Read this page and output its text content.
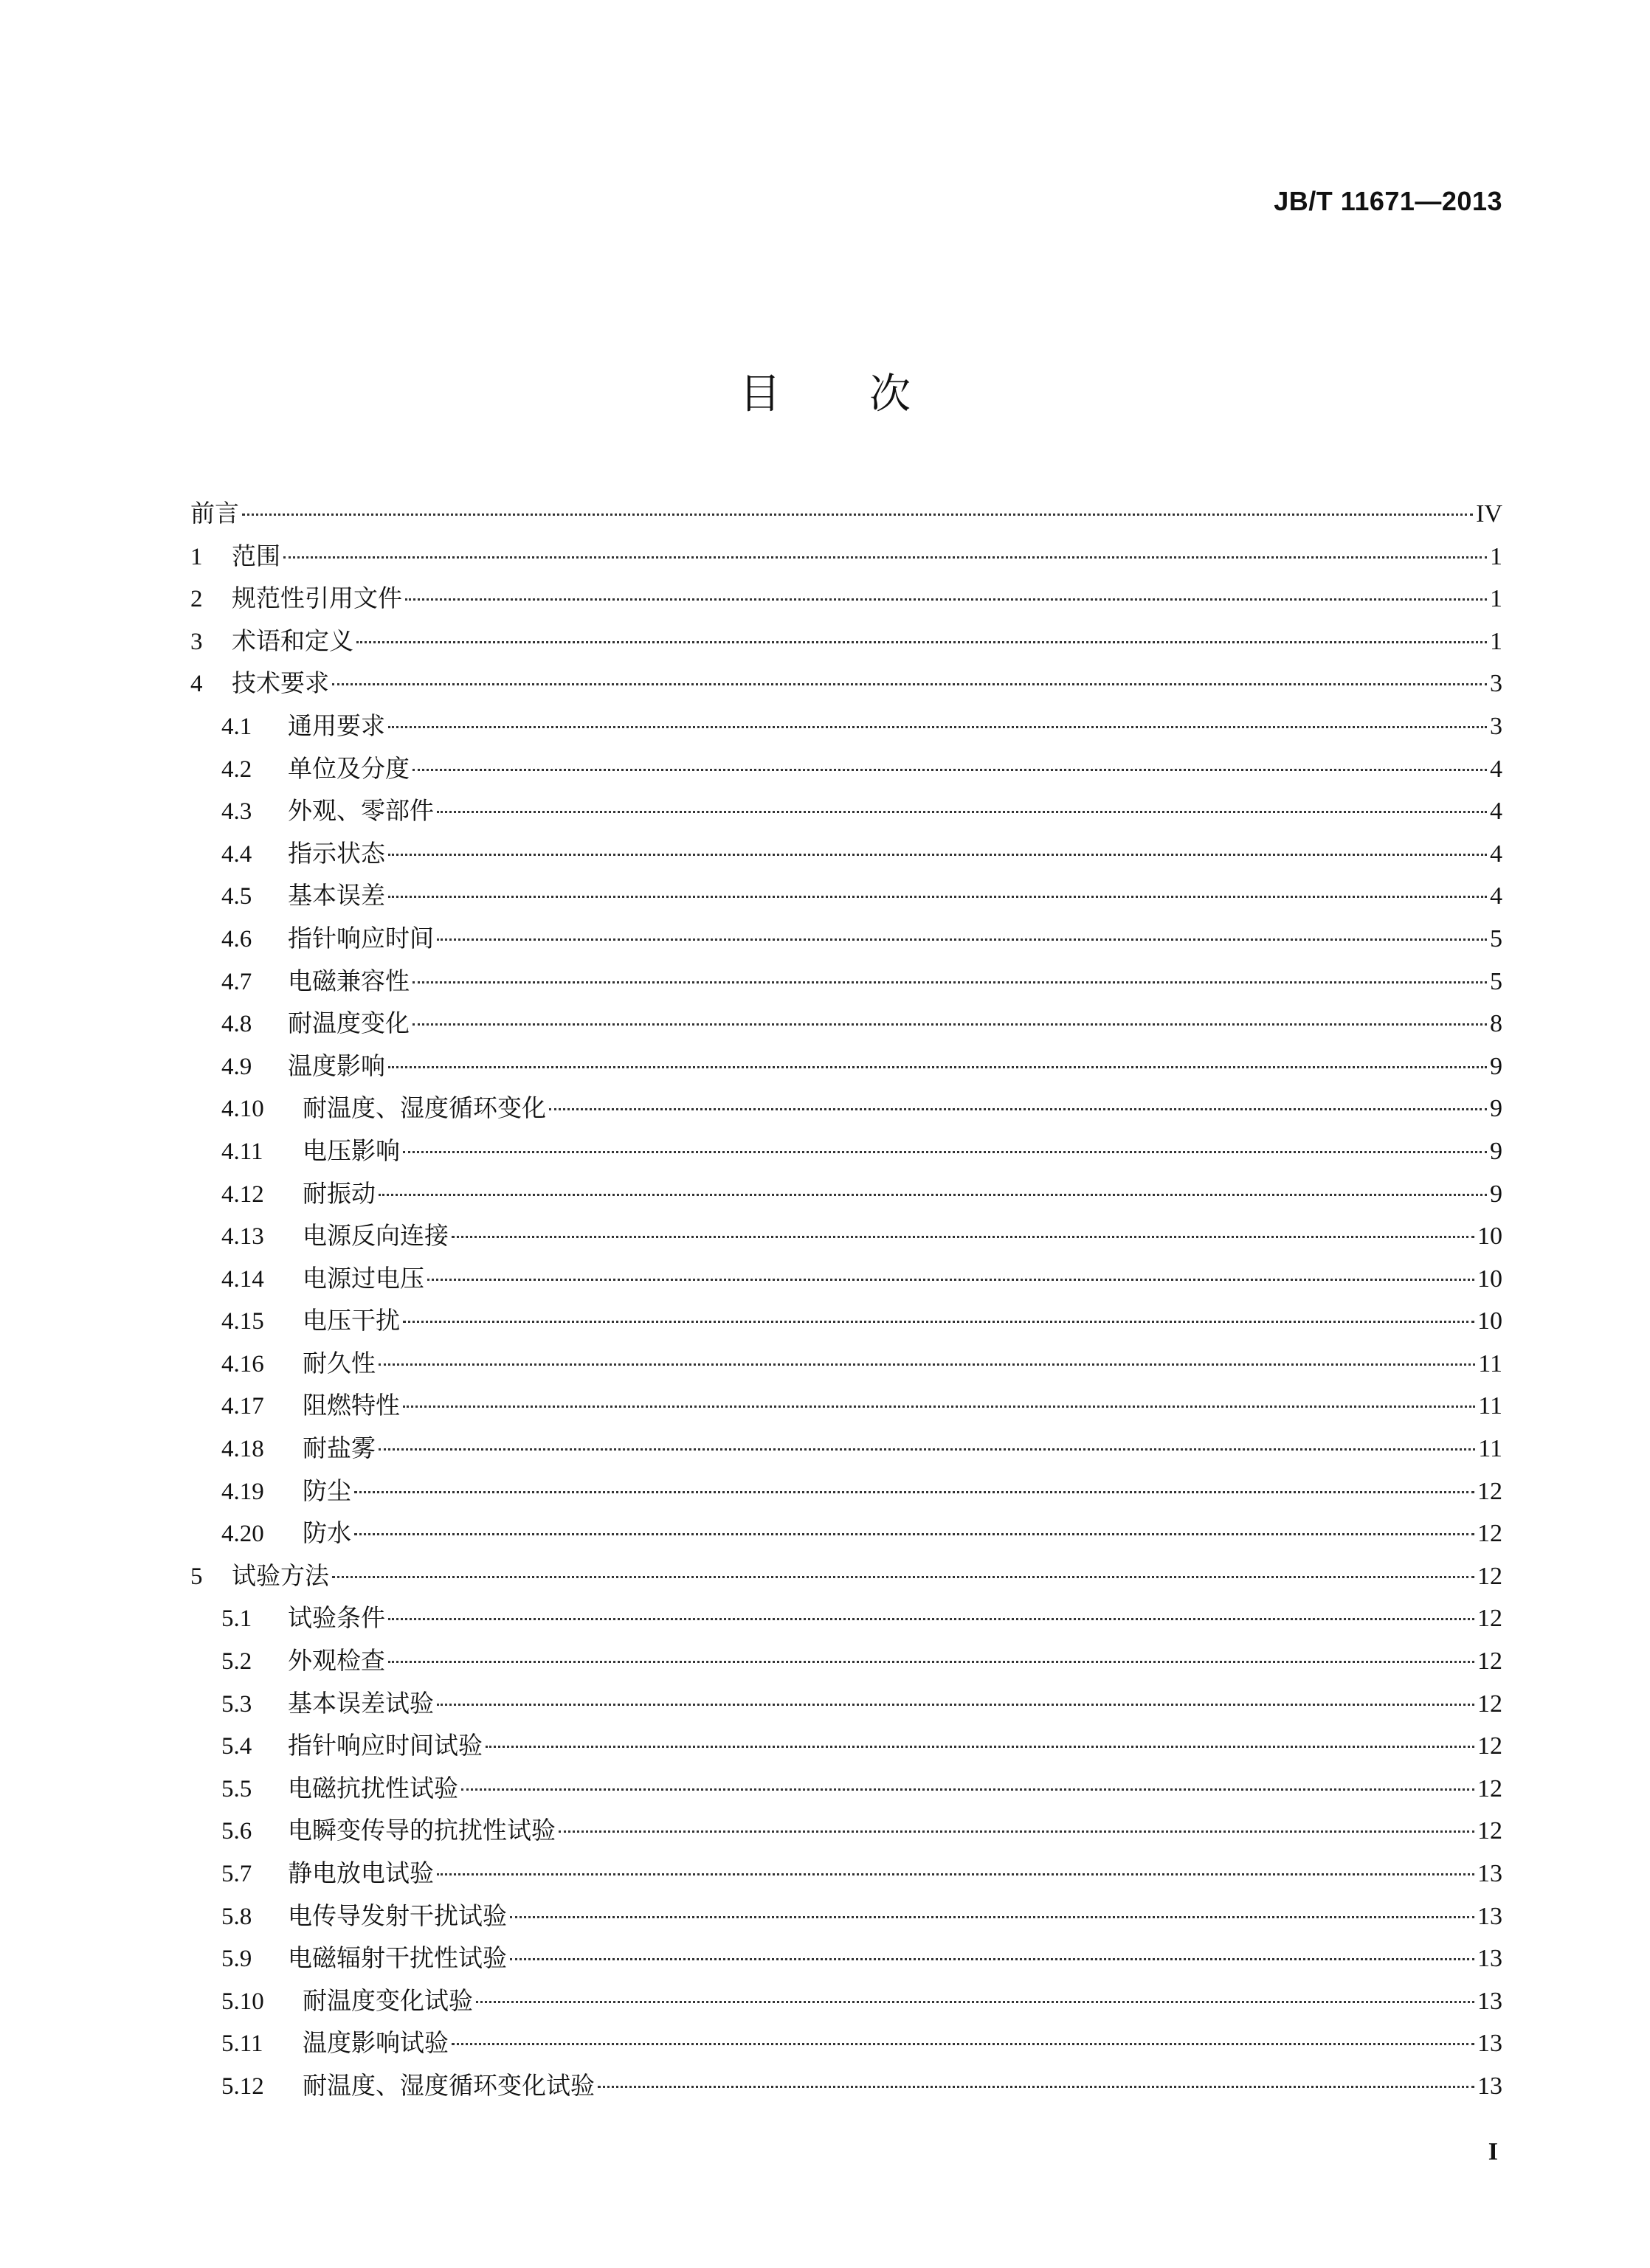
JB/T 11671—2013
目 次
前言	IV
1	范围	1
2	规范性引用文件	1
3	术语和定义	1
4	技术要求	3
4.1	通用要求	3
4.2	单位及分度	4
4.3	外观、零部件	4
4.4	指示状态	4
4.5	基本误差	4
4.6	指针响应时间	5
4.7	电磁兼容性	5
4.8	耐温度变化	8
4.9	温度影响	9
4.10	耐温度、湿度循环变化	9
4.11	电压影响	9
4.12	耐振动	9
4.13	电源反向连接	10
4.14	电源过电压	10
4.15	电压干扰	10
4.16	耐久性	11
4.17	阻燃特性	11
4.18	耐盐雾	11
4.19	防尘	12
4.20	防水	12
5	试验方法	12
5.1	试验条件	12
5.2	外观检查	12
5.3	基本误差试验	12
5.4	指针响应时间试验	12
5.5	电磁抗扰性试验	12
5.6	电瞬变传导的抗扰性试验	12
5.7	静电放电试验	13
5.8	电传导发射干扰试验	13
5.9	电磁辐射干扰性试验	13
5.10	耐温度变化试验	13
5.11	温度影响试验	13
5.12	耐温度、湿度循环变化试验	13
I
